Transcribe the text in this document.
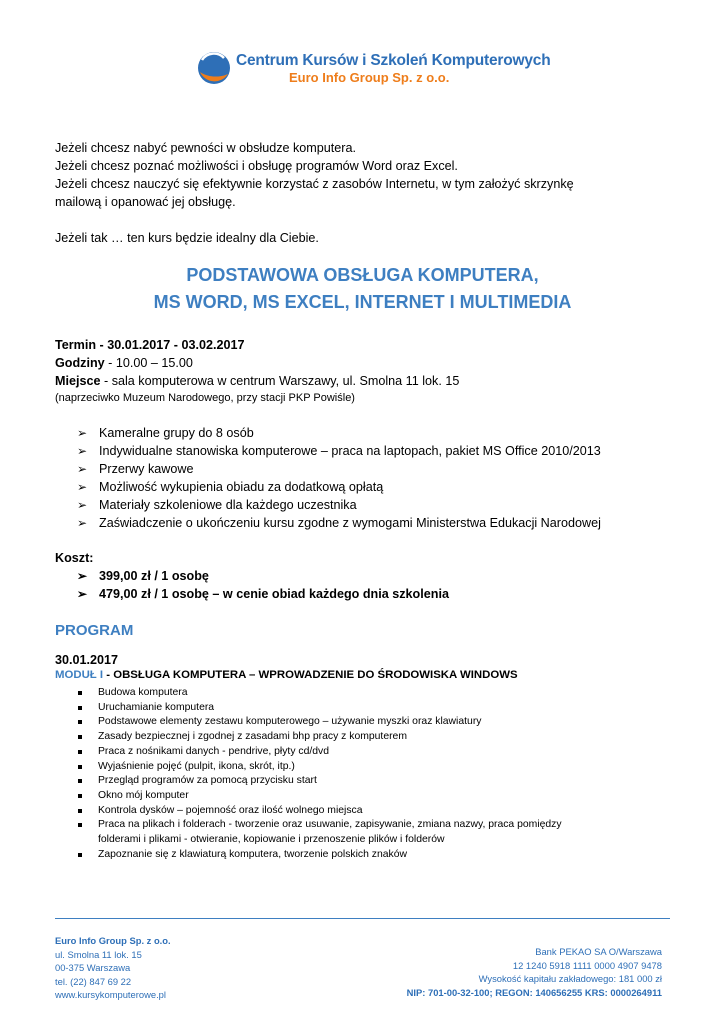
Centrum Kursów i Szkoleń Komputerowych
Euro Info Group Sp. z o.o.
Jeżeli chcesz nabyć pewności w obsłudze komputera.
Jeżeli chcesz poznać możliwości i obsługę programów Word oraz Excel.
Jeżeli chcesz nauczyć się efektywnie korzystać z zasobów Internetu, w tym założyć skrzynkę
mailową i opanować jej obsługę.
Jeżeli tak … ten kurs będzie idealny dla Ciebie.
PODSTAWOWA OBSŁUGA KOMPUTERA,
MS WORD, MS EXCEL, INTERNET I MULTIMEDIA
Termin - 30.01.2017 - 03.02.2017
Godziny - 10.00 – 15.00
Miejsce - sala komputerowa w centrum Warszawy, ul. Smolna 11 lok. 15
(naprzeciwko Muzeum Narodowego, przy stacji PKP Powiśle)
➢ Kameralne grupy do 8 osób
➢ Indywidualne stanowiska komputerowe – praca na laptopach, pakiet MS Office 2010/2013
➢ Przerwy kawowe
➢ Możliwość wykupienia obiadu za dodatkową opłatą
➢ Materiały szkoleniowe dla każdego uczestnika
➢ Zaświadczenie o ukończeniu kursu zgodne z wymogami Ministerstwa Edukacji Narodowej
Koszt:
➢ 399,00 zł / 1 osobę
➢ 479,00 zł / 1 osobę – w cenie obiad każdego dnia szkolenia
PROGRAM
30.01.2017
MODUŁ I - OBSŁUGA KOMPUTERA – WPROWADZENIE DO ŚRODOWISKA WINDOWS
Budowa komputera
Uruchamianie komputera
Podstawowe elementy zestawu komputerowego – używanie myszki oraz klawiatury
Zasady bezpiecznej i zgodnej z zasadami bhp pracy z komputerem
Praca z nośnikami danych - pendrive, płyty cd/dvd
Wyjaśnienie pojęć (pulpit, ikona, skrót, itp.)
Przegląd programów za pomocą przycisku start
Okno mój komputer
Kontrola dysków – pojemność oraz ilość wolnego miejsca
Praca na plikach i folderach - tworzenie oraz usuwanie, zapisywanie, zmiana nazwy, praca pomiędzy
folderami i plikami - otwieranie, kopiowanie i przenoszenie plików i folderów
Zapoznanie się z klawiaturą komputera, tworzenie polskich znaków
Euro Info Group Sp. z o.o.
ul. Smolna 11 lok. 15
00-375 Warszawa
tel. (22) 847 69 22
www.kursykomputerowe.pl
Bank PEKAO SA O/Warszawa
12 1240 5918 1111 0000 4907 9478
Wysokość kapitału zakładowego: 181 000 zł
NIP: 701-00-32-100; REGON: 140656255 KRS: 0000264911
